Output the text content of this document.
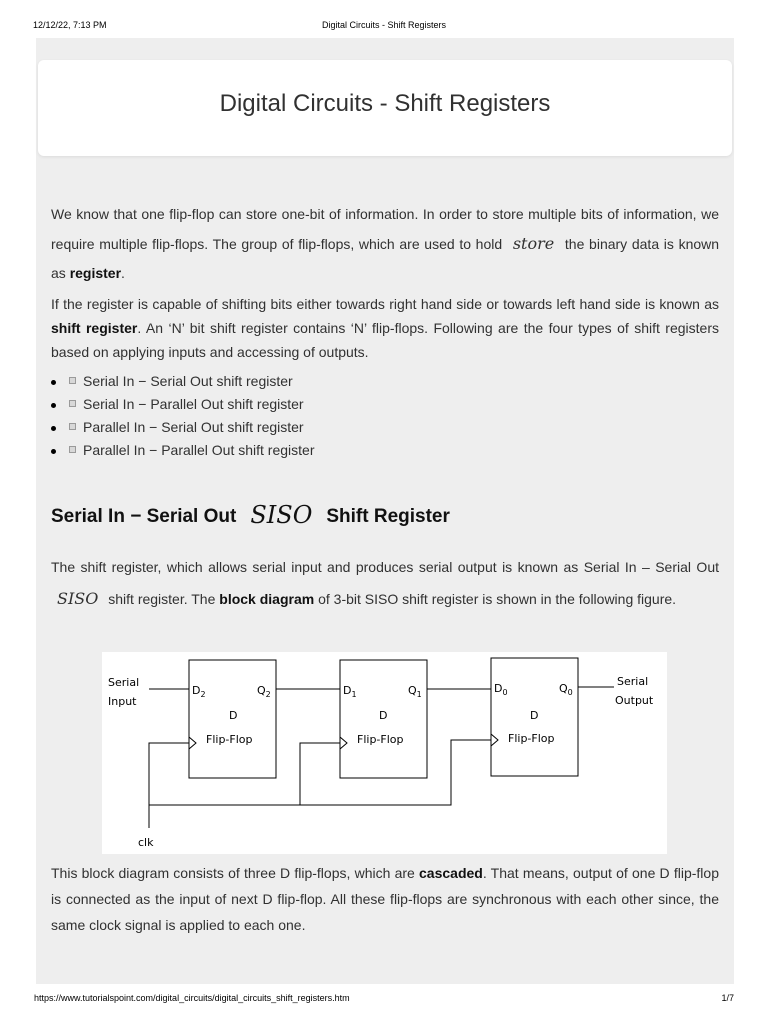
12/12/22, 7:13 PM	Digital Circuits - Shift Registers
Digital Circuits - Shift Registers

We know that one flip-flop can store one-bit of information. In order to store multiple bits of information, we require multiple flip-flops. The group of flip-flops, which are used to hold store the binary data is known as register.

If the register is capable of shifting bits either towards right hand side or towards left hand side is known as shift register. An ‘N’ bit shift register contains ‘N’ flip-flops. Following are the four types of shift registers based on applying inputs and accessing of outputs.

Serial In − Serial Out shift register
Serial In − Parallel Out shift register
Parallel In − Serial Out shift register
Parallel In − Parallel Out shift register
Serial In − Serial Out SISO Shift Register
The shift register, which allows serial input and produces serial output is known as Serial In – Serial Out SISO shift register. The block diagram of 3-bit SISO shift register is shown in the following figure.
Serial
Input
$D_2$	$Q_2$
D
Flip-Flop
$D_1$	$Q_1$
D
Flip-Flop
$D_0$	$Q_0$
D
Flip-Flop
Serial
Output
clk
This block diagram consists of three D flip-flops, which are cascaded. That means, output of one D flip-flop is connected as the input of next D flip-flop. All these flip-flops are synchronous with each other since, the same clock signal is applied to each one.
https://www.tutorialspoint.com/digital_circuits/digital_circuits_shift_registers.htm	1/7
